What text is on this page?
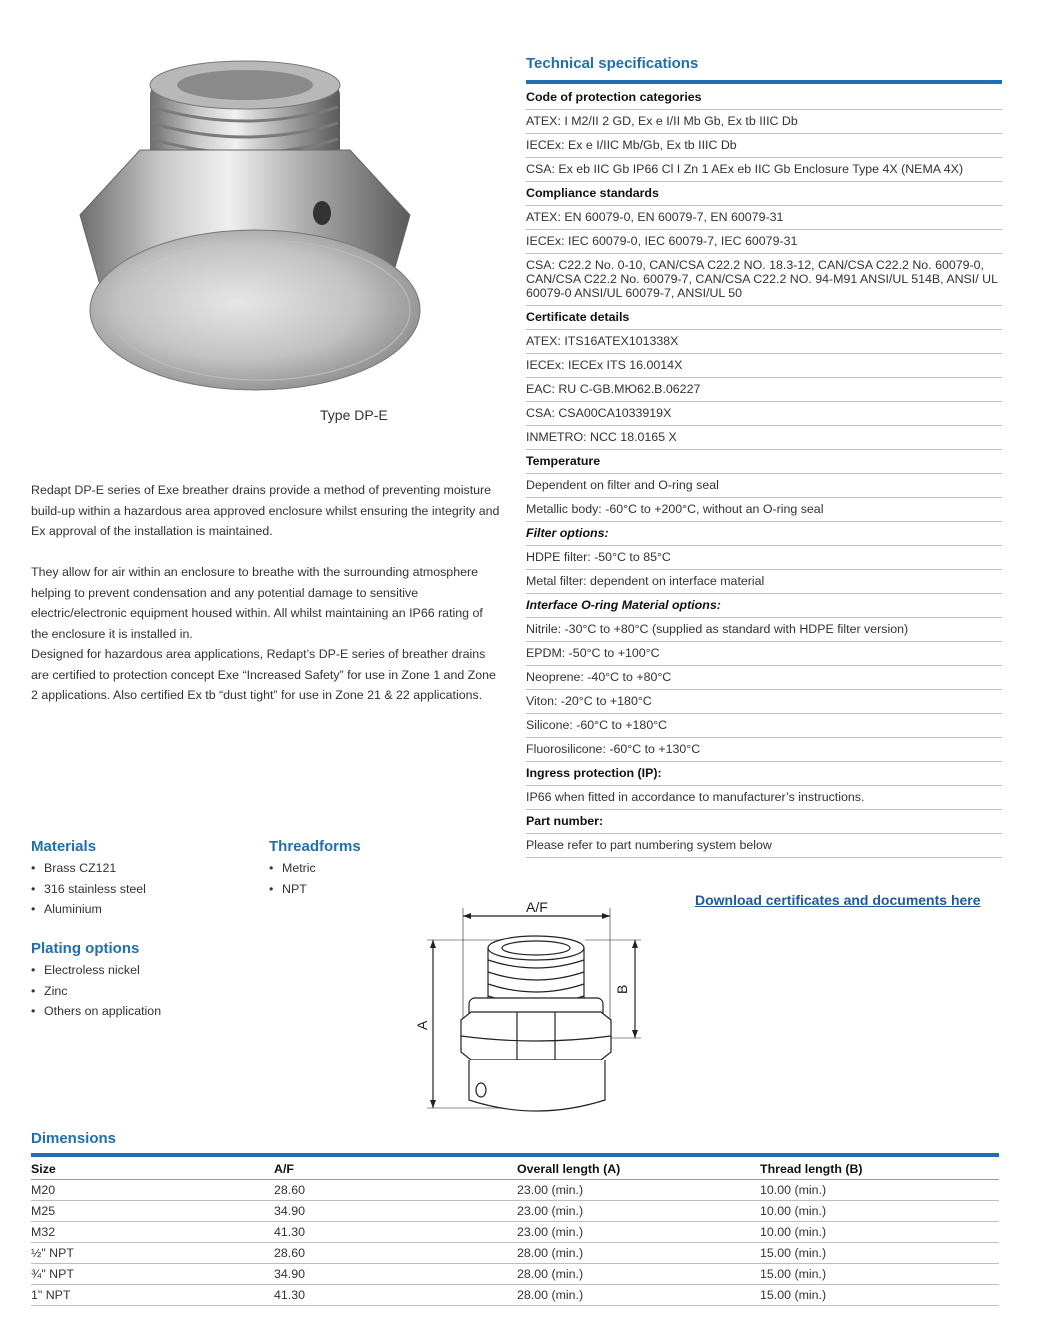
Type DP-E

Redapt DP-E series of Exe breather drains provide a method of preventing moisture build-up within a hazardous area approved enclosure whilst ensuring the integrity and Ex approval of the installation is maintained.

They allow for air within an enclosure to breathe with the surrounding atmosphere helping to prevent condensation and any potential damage to sensitive electric/electronic equipment housed within. All whilst maintaining an IP66 rating of the enclosure it is installed in.

Designed for hazardous area applications, Redapt’s DP-E series of breather drains are certified to protection concept Exe “Increased Safety” for use in Zone 1 and Zone 2 applications. Also certified Ex tb “dust tight” for use in Zone 21 & 22 applications.

Technical specifications
Code of protection categories
ATEX: I M2/II 2 GD, Ex e I/II Mb Gb, Ex tb IIIC Db
IECEx: Ex e I/IIC Mb/Gb, Ex tb IIIC Db
CSA: Ex eb IIC Gb IP66 Cl I Zn 1 AEx eb IIC Gb Enclosure Type 4X (NEMA 4X)
Compliance standards
ATEX: EN 60079-0, EN 60079-7, EN 60079-31
IECEx: IEC 60079-0, IEC 60079-7, IEC 60079-31
CSA: C22.2 No. 0-10, CAN/CSA C22.2 NO. 18.3-12, CAN/CSA C22.2 No. 60079-0, CAN/CSA C22.2 No. 60079-7, CAN/CSA C22.2 NO. 94-M91 ANSI/UL 514B, ANSI/ UL 60079-0 ANSI/UL 60079-7, ANSI/UL 50
Certificate details
ATEX: ITS16ATEX101338X
IECEx: IECEx ITS 16.0014X
EAC: RU C-GB.MЮ62.B.06227
CSA: CSA00CA1033919X
INMETRO: NCC 18.0165 X
Temperature
Dependent on filter and O-ring seal
Metallic body: -60°C to +200°C, without an O-ring seal
Filter options:
HDPE filter: -50°C to 85°C
Metal filter: dependent on interface material
Interface O-ring Material options:
Nitrile: -30°C to +80°C (supplied as standard with HDPE filter version)
EPDM: -50°C to +100°C
Neoprene: -40°C to +80°C
Viton: -20°C to +180°C
Silicone: -60°C to +180°C
Fluorosilicone: -60°C to +130°C
Ingress protection (IP):
IP66 when fitted in accordance to manufacturer’s instructions.
Part number:
Please refer to part numbering system below
Materials
• Brass CZ121
• 316 stainless steel
• Aluminium
Threadforms
• Metric
• NPT
Plating options
• Electroless nickel
• Zinc
• Others on application
Download certificates and documents here
A/F
A
B
Dimensions
Size	A/F	Overall length (A)	Thread length (B)
M20	28.60	23.00 (min.)	10.00 (min.)
M25	34.90	23.00 (min.)	10.00 (min.)
M32	41.30	23.00 (min.)	10.00 (min.)
½" NPT	28.60	28.00 (min.)	15.00 (min.)
¾" NPT	34.90	28.00 (min.)	15.00 (min.)
1" NPT	41.30	28.00 (min.)	15.00 (min.)
